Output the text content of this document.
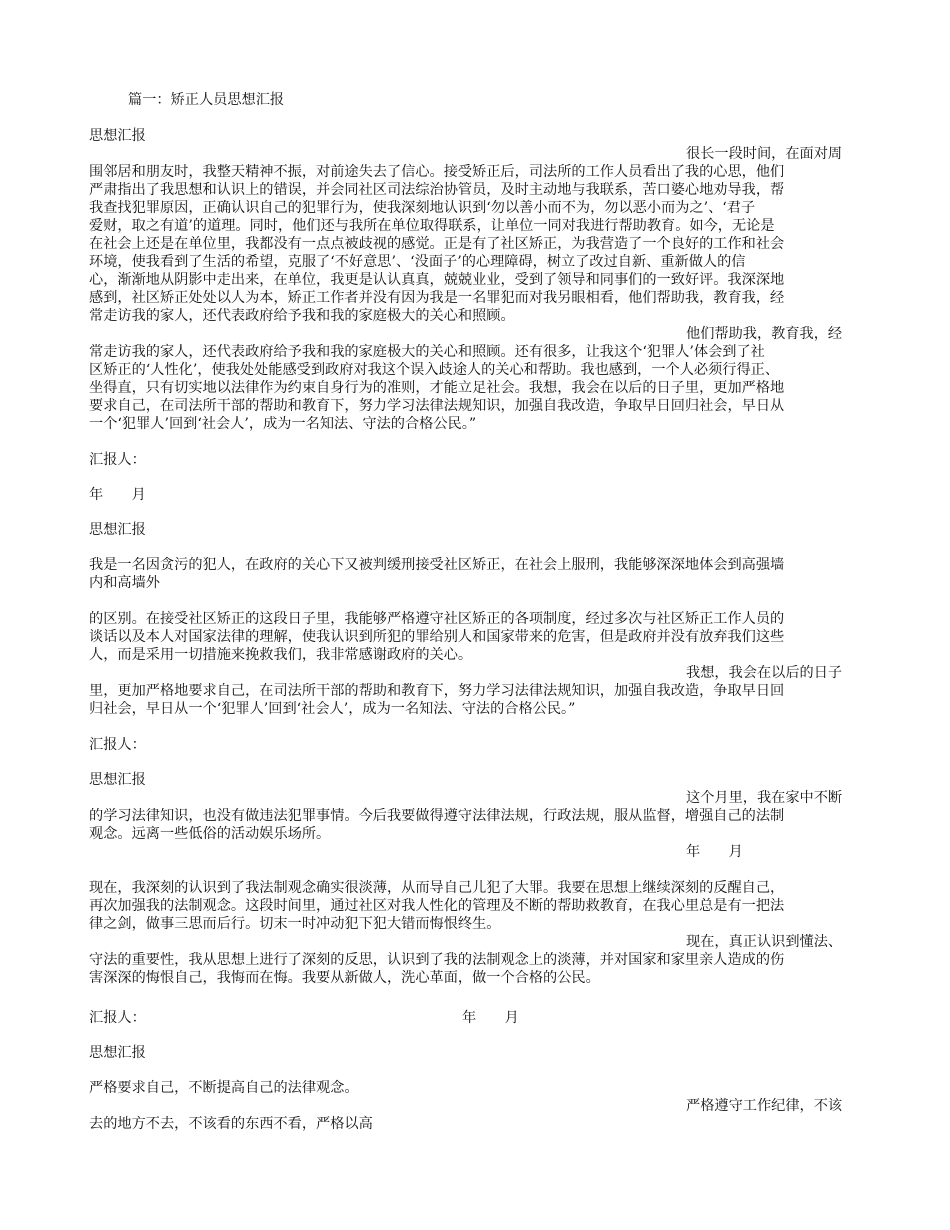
篇一：矫正人员思想汇报
思想汇报
很长一段时间，在面对周
围邻居和朋友时，我整天精神不振，对前途失去了信心。接受矫正后，司法所的工作人员看出了我的心思，他们
严肃指出了我思想和认识上的错误，并会同社区司法综治协管员，及时主动地与我联系，苦口婆心地劝导我，帮
我查找犯罪原因，正确认识自己的犯罪行为，使我深刻地认识到‘勿以善小而不为，勿以恶小而为之’、‘君子
爱财，取之有道’的道理。同时，他们还与我所在单位取得联系，让单位一同对我进行帮助教育。如今，无论是
在社会上还是在单位里，我都没有一点点被歧视的感觉。正是有了社区矫正，为我营造了一个良好的工作和社会
环境，使我看到了生活的希望，克服了‘不好意思’、‘没面子’的心理障碍，树立了改过自新、重新做人的信
心，渐渐地从阴影中走出来，在单位，我更是认认真真，兢兢业业，受到了领导和同事们的一致好评。我深深地
感到，社区矫正处处以人为本，矫正工作者并没有因为我是一名罪犯而对我另眼相看，他们帮助我，教育我，经
常走访我的家人，还代表政府给予我和我的家庭极大的关心和照顾。
他们帮助我，教育我，经
常走访我的家人，还代表政府给予我和我的家庭极大的关心和照顾。还有很多，让我这个‘犯罪人’体会到了社
区矫正的‘人性化’，使我处处能感受到政府对我这个误入歧途人的关心和帮助。我也感到，一个人必须行得正、
坐得直，只有切实地以法律作为约束自身行为的准则，才能立足社会。我想，我会在以后的日子里，更加严格地
要求自己，在司法所干部的帮助和教育下，努力学习法律法规知识，加强自我改造，争取早日回归社会，早日从
一个‘犯罪人’回到‘社会人’，成为一名知法、守法的合格公民。”
汇报人：
年　　月
思想汇报
我是一名因贪污的犯人，在政府的关心下又被判缓刑接受社区矫正，在社会上服刑，我能够深深地体会到高强墙
内和高墙外
的区别。在接受社区矫正的这段日子里，我能够严格遵守社区矫正的各项制度，经过多次与社区矫正工作人员的
谈话以及本人对国家法律的理解，使我认识到所犯的罪给别人和国家带来的危害，但是政府并没有放弃我们这些
人，而是采用一切措施来挽救我们，我非常感谢政府的关心。
我想，我会在以后的日子
里，更加严格地要求自己，在司法所干部的帮助和教育下，努力学习法律法规知识，加强自我改造，争取早日回
归社会，早日从一个‘犯罪人’回到‘社会人’，成为一名知法、守法的合格公民。”
汇报人：
思想汇报
这个月里，我在家中不断
的学习法律知识，也没有做违法犯罪事情。今后我要做得遵守法律法规，行政法规，服从监督，增强自己的法制
观念。远离一些低俗的活动娱乐场所。
年　　月
现在，我深刻的认识到了我法制观念确实很淡薄，从而导自己儿犯了大罪。我要在思想上继续深刻的反醒自己，
再次加强我的法制观念。这段时间里，通过社区对我人性化的管理及不断的帮助救教育，在我心里总是有一把法
律之剑，做事三思而后行。切末一时冲动犯下犯大错而悔恨终生。
现在，真正认识到懂法、
守法的重要性，我从思想上进行了深刻的反思，认识到了我的法制观念上的淡薄，并对国家和家里亲人造成的伤
害深深的悔恨自己，我悔而在悔。我要从新做人，洗心革面，做一个合格的公民。
汇报人：	年　　月
思想汇报
严格要求自己，不断提高自己的法律观念。
严格遵守工作纪律，不该
去的地方不去，不该看的东西不看，严格以高
